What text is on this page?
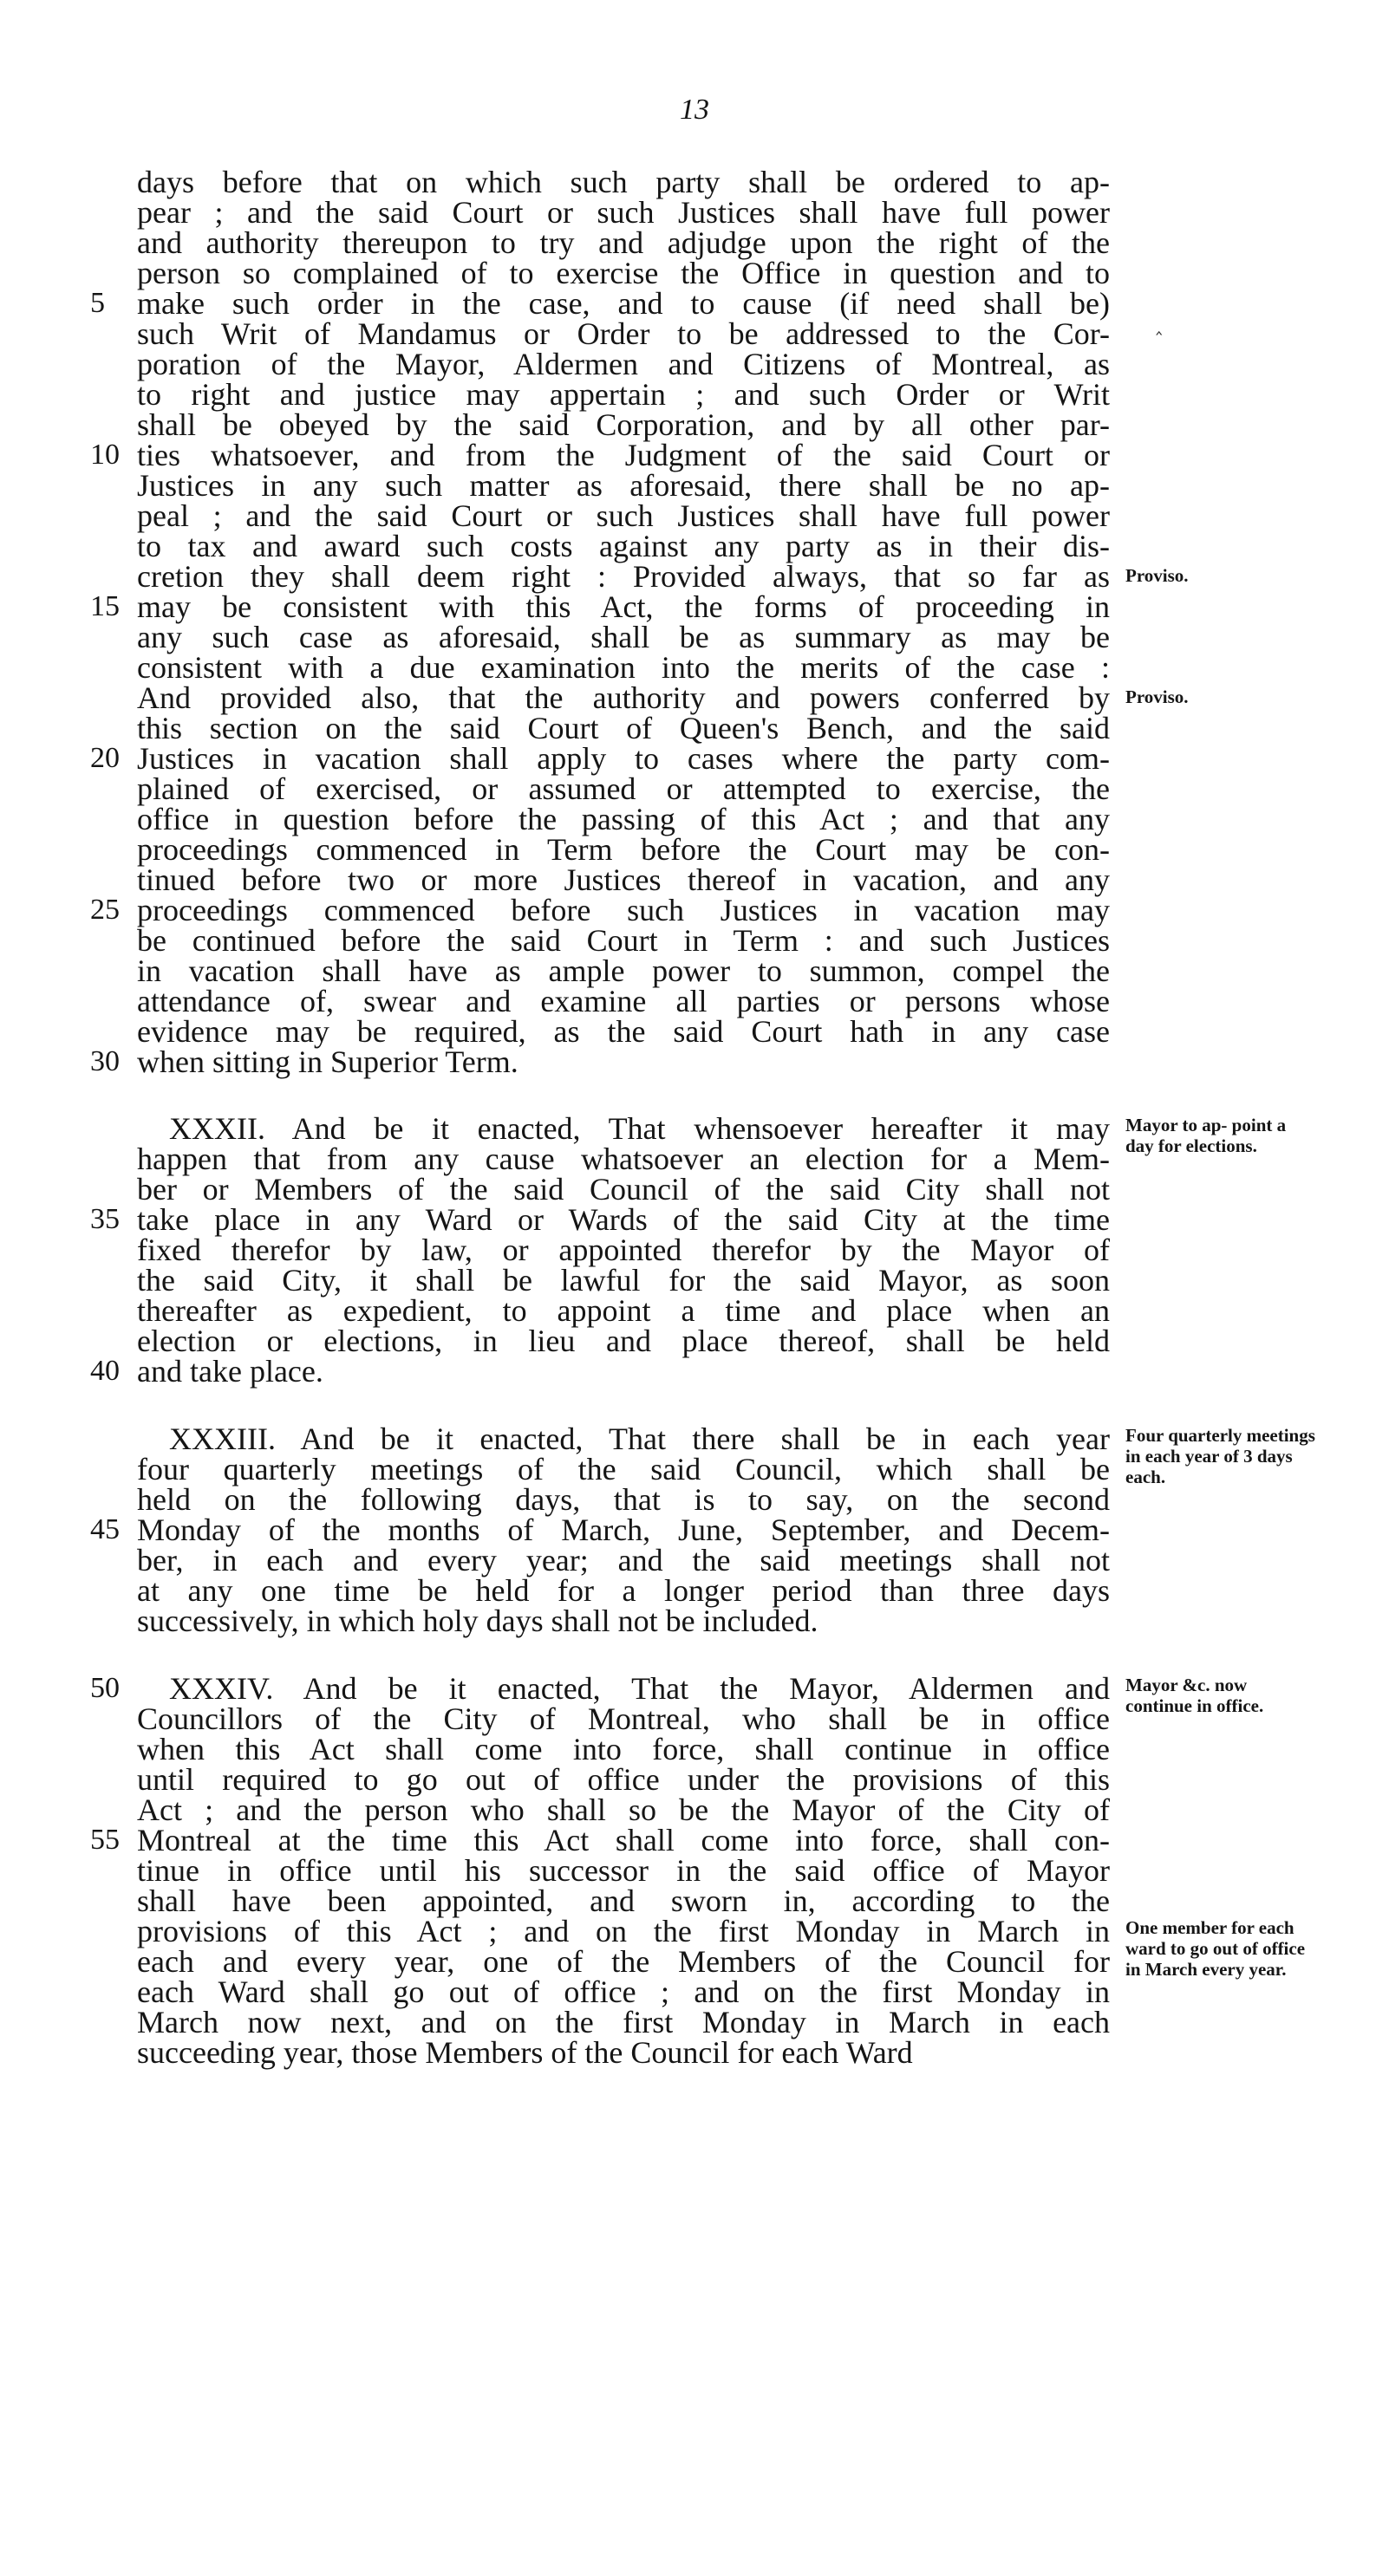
13
days before that on which such party shall be ordered to ap-
pear ; and the said Court or such Justices shall have full power
and authority thereupon to try and adjudge upon the right of the
person so complained of to exercise the Office in question and to
make such order in the case, and to cause (if need shall be)
such Writ of Mandamus or Order to be addressed to the Cor-
poration of the Mayor, Aldermen and Citizens of Montreal, as
to right and justice may appertain ; and such Order or Writ
shall be obeyed by the said Corporation, and by all other par-
ties whatsoever, and from the Judgment of the said Court or
Justices in any such matter as aforesaid, there shall be no ap-
peal ; and the said Court or such Justices shall have full power
to tax and award such costs against any party as in their dis-
cretion they shall deem right : Provided always, that so far as
may be consistent with this Act, the forms of proceeding in
any such case as aforesaid, shall be as summary as may be
consistent with a due examination into the merits of the case :
And provided also, that the authority and powers conferred by
this section on the said Court of Queen's Bench, and the said
Justices in vacation shall apply to cases where the party com-
plained of exercised, or assumed or attempted to exercise, the
office in question before the passing of this Act ; and that any
proceedings commenced in Term before the Court may be con-
tinued before two or more Justices thereof in vacation, and any
proceedings commenced before such Justices in vacation may
be continued before the said Court in Term : and such Justices
in vacation shall have as ample power to summon, compel the
attendance of, swear and examine all parties or persons whose
evidence may be required, as the said Court hath in any case
when sitting in Superior Term.
XXXII. And be it enacted, That whensoever hereafter it may
happen that from any cause whatsoever an election for a Mem-
ber or Members of the said Council of the said City shall not
take place in any Ward or Wards of the said City at the time
fixed therefor by law, or appointed therefor by the Mayor of
the said City, it shall be lawful for the said Mayor, as soon
thereafter as expedient, to appoint a time and place when an
election or elections, in lieu and place thereof, shall be held
and take place.
XXXIII. And be it enacted, That there shall be in each year
four quarterly meetings of the said Council, which shall be
held on the following days, that is to say, on the second
Monday of the months of March, June, September, and Decem-
ber, in each and every year; and the said meetings shall not
at any one time be held for a longer period than three days
successively, in which holy days shall not be included.
XXXIV. And be it enacted, That the Mayor, Aldermen and
Councillors of the City of Montreal, who shall be in office
when this Act shall come into force, shall continue in office
until required to go out of office under the provisions of this
Act ; and the person who shall so be the Mayor of the City of
Montreal at the time this Act shall come into force, shall con-
tinue in office until his successor in the said office of Mayor
shall have been appointed, and sworn in, according to the
provisions of this Act ; and on the first Monday in March in
each and every year, one of the Members of the Council for
each Ward shall go out of office ; and on the first Monday in
March now next, and on the first Monday in March in each
succeeding year, those Members of the Council for each Ward
5
10
15
20
25
30
35
40
45
50
55
Proviso.
Proviso.
Mayor to ap- point a day for elections.
Four quarterly meetings in each year of 3 days each.
Mayor &c. now continue in office.
One member for each ward to go out of office in March every year.
‸
